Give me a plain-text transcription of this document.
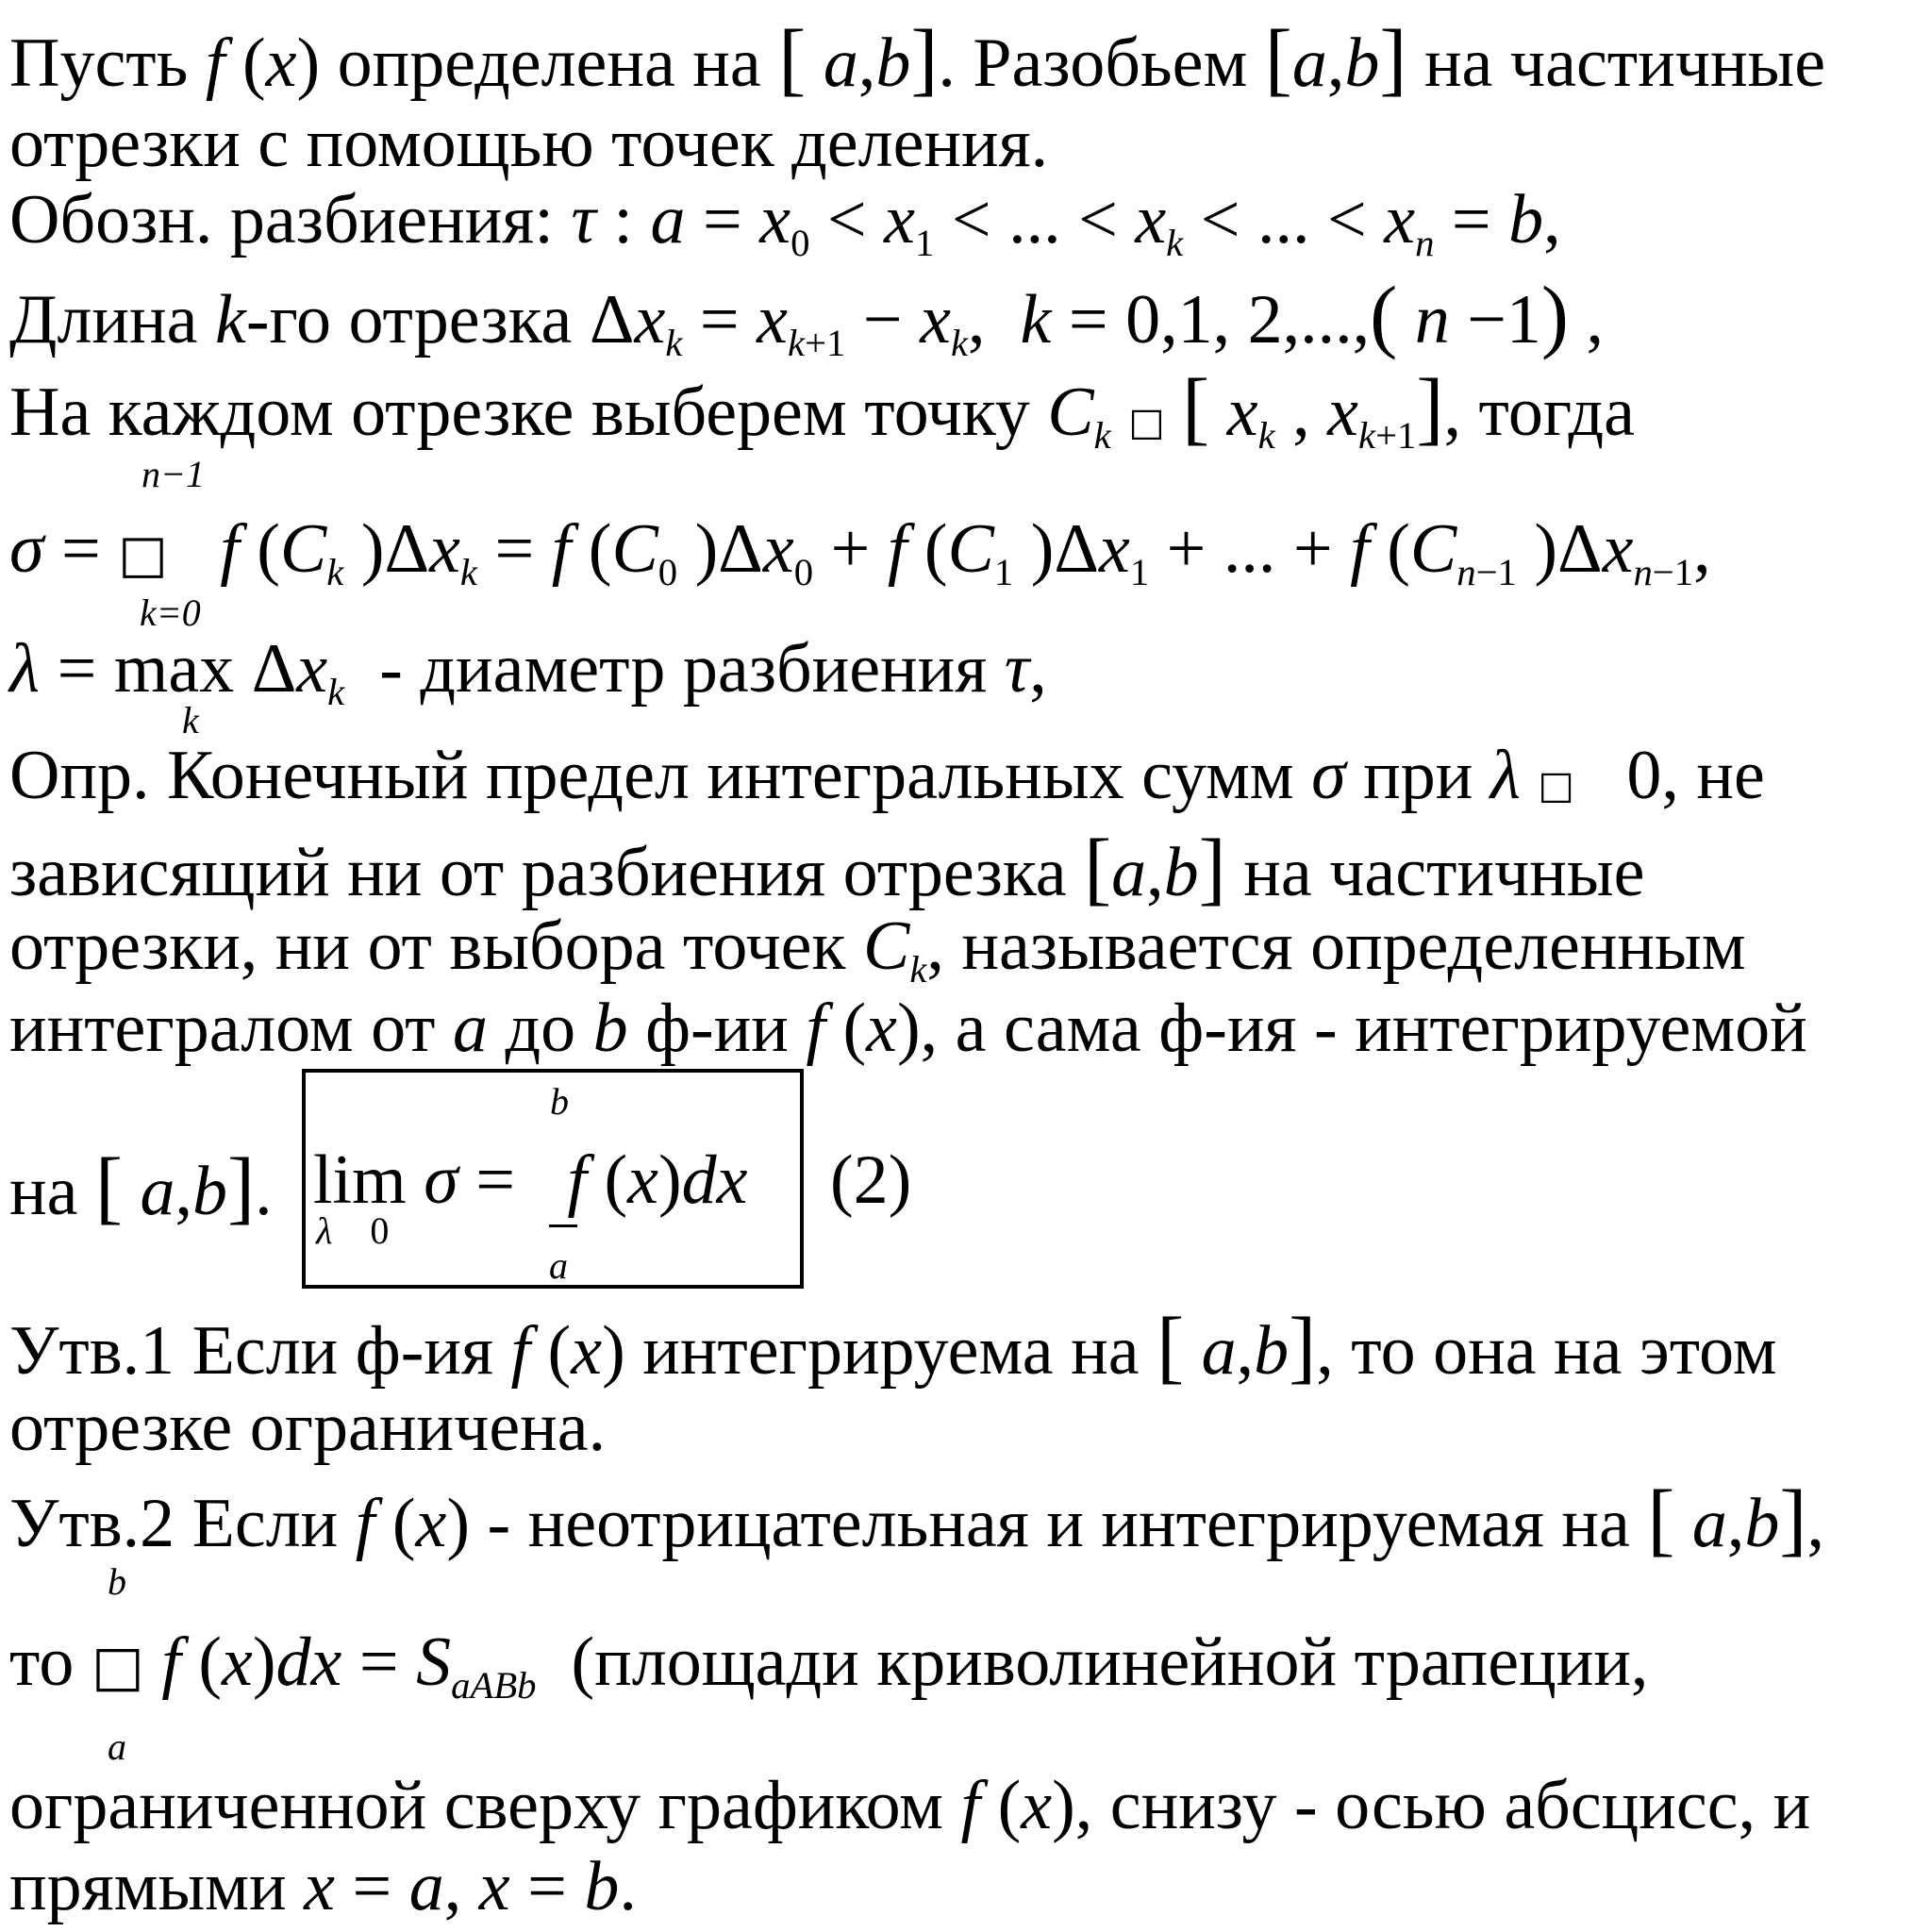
Пусть f (x) определена на [ a,b]. Разобьем [a,b] на частичные
отрезки с помощью точек деления.
Обозн. разбиения: τ : $a = x_0 < x_1$ < ... < $x_k$ < ... < $x_n = b$,
Длина k-го отрезка $\Delta x_k = x_{k+1} - x_k$,  k = 0,1, 2,...,( n −1) ,
На каждом отрезке выберем точку $C_k$ □ [ $x_k$ , $x_{k+1}$], тогда
n−1
σ = □ f ($C_k$ )$\Delta x_k = f$ ($C_0$ )$\Delta x_0 + f$ ($C_1$ )$\Delta x_1$ + ... + f ($C_{n-1}$ )$\Delta x_{n-1}$,
k=0
$\lambda = \max \Delta x_k$ - диаметр разбиения τ,
k
Опр. Конечный предел интегральных сумм σ при λ □   0, не
зависящий ни от разбиения отрезка [a,b] на частичные
отрезки, ни от выбора точек $C_k$, называется определенным
интегралом от a до b ф-ии f (x), а сама ф-ия - интегрируемой
b
на [ a,b]. lim σ =   f (x)dx
λ    0
a
(2)
Утв.1 Если ф-ия f (x) интегрируема на [ a,b], то она на этом
отрезке ограничена.
Утв.2 Если f (x) - неотрицательная и интегрируемая на [ a,b],
b
то □ f $(x)dx = S_{aABb}$ (площади криволинейной трапеции,
a
ограниченной сверху графиком f (x), снизу - осью абсцисс, и
прямыми x = a, x = b.
